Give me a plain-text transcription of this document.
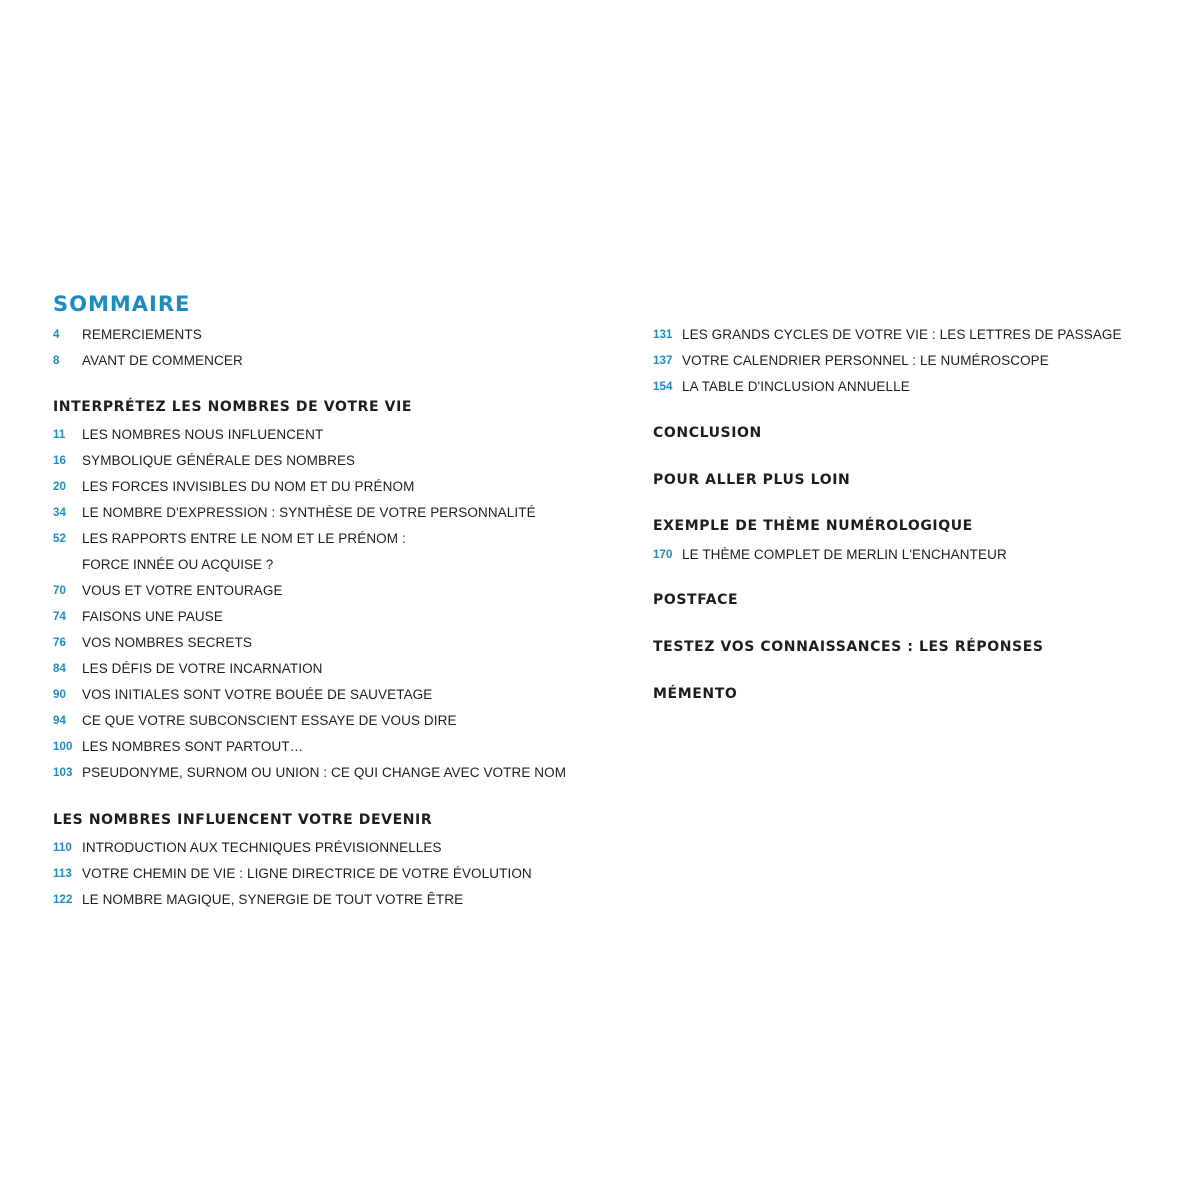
SOMMAIRE
4	REMERCIEMENTS
8	AVANT DE COMMENCER
INTERPRÉTEZ LES NOMBRES DE VOTRE VIE
11	LES NOMBRES NOUS INFLUENCENT
16	SYMBOLIQUE GÉNÉRALE DES NOMBRES
20	LES FORCES INVISIBLES DU NOM ET DU PRÉNOM
34	LE NOMBRE D'EXPRESSION : SYNTHÈSE DE VOTRE PERSONNALITÉ
52	LES RAPPORTS ENTRE LE NOM ET LE PRÉNOM :
FORCE INNÉE OU ACQUISE ?
70	VOUS ET VOTRE ENTOURAGE
74	FAISONS UNE PAUSE
76	VOS NOMBRES SECRETS
84	LES DÉFIS DE VOTRE INCARNATION
90	VOS INITIALES SONT VOTRE BOUÉE DE SAUVETAGE
94	CE QUE VOTRE SUBCONSCIENT ESSAYE DE VOUS DIRE
100 LES NOMBRES SONT PARTOUT…
103 PSEUDONYME, SURNOM OU UNION : CE QUI CHANGE AVEC VOTRE NOM
LES NOMBRES INFLUENCENT VOTRE DEVENIR
110 INTRODUCTION AUX TECHNIQUES PRÉVISIONNELLES
113 VOTRE CHEMIN DE VIE : LIGNE DIRECTRICE DE VOTRE ÉVOLUTION
122 LE NOMBRE MAGIQUE, SYNERGIE DE TOUT VOTRE ÊTRE
131 LES GRANDS CYCLES DE VOTRE VIE : LES LETTRES DE PASSAGE
137 VOTRE CALENDRIER PERSONNEL : LE NUMÉROSCOPE
154 LA TABLE D'INCLUSION ANNUELLE
CONCLUSION
POUR ALLER PLUS LOIN
EXEMPLE DE THÈME NUMÉROLOGIQUE
170 LE THÈME COMPLET DE MERLIN L'ENCHANTEUR
POSTFACE
TESTEZ VOS CONNAISSANCES : LES RÉPONSES
MÉMENTO
